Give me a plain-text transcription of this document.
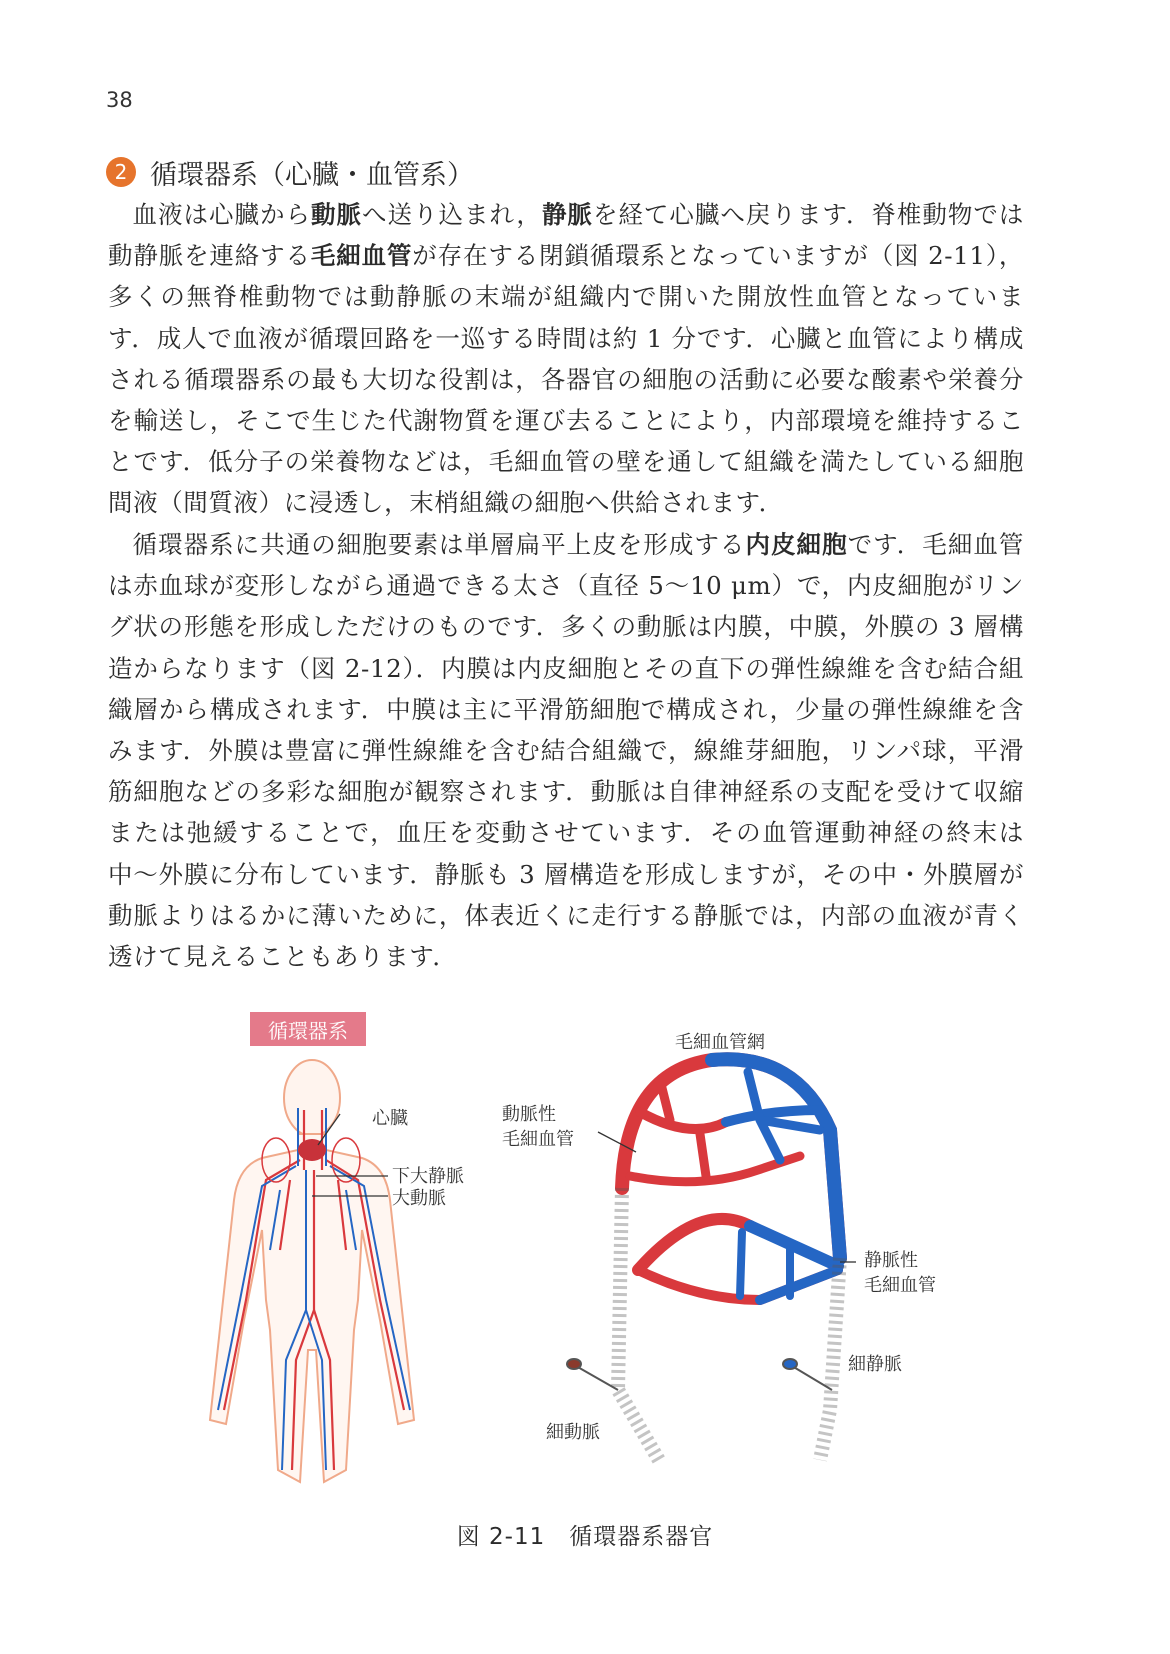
38
2 循環器系（心臓・血管系）

血液は心臓から動脈へ送り込まれ，静脈を経て心臓へ戻ります．脊椎動物では動静脈を連絡する毛細血管が存在する閉鎖循環系となっていますが（図 2-11），多くの無脊椎動物では動静脈の末端が組織内で開いた開放性血管となっています．成人で血液が循環回路を一巡する時間は約 1 分です．心臓と血管により構成される循環器系の最も大切な役割は，各器官の細胞の活動に必要な酸素や栄養分を輸送し，そこで生じた代謝物質を運び去ることにより，内部環境を維持することです．低分子の栄養物などは，毛細血管の壁を通して組織を満たしている細胞間液（間質液）に浸透し，末梢組織の細胞へ供給されます．

循環器系に共通の細胞要素は単層扁平上皮を形成する内皮細胞です．毛細血管は赤血球が変形しながら通過できる太さ（直径 5〜10 μm）で，内皮細胞がリング状の形態を形成しただけのものです．多くの動脈は内膜，中膜，外膜の 3 層構造からなります（図 2-12）．内膜は内皮細胞とその直下の弾性線維を含む結合組織層から構成されます．中膜は主に平滑筋細胞で構成され，少量の弾性線維を含みます．外膜は豊富に弾性線維を含む結合組織で，線維芽細胞，リンパ球，平滑筋細胞などの多彩な細胞が観察されます．動脈は自律神経系の支配を受けて収縮または弛緩することで，血圧を変動させています．その血管運動神経の終末は中〜外膜に分布しています．静脈も 3 層構造を形成しますが，その中・外膜層が動脈よりはるかに薄いために，体表近くに走行する静脈では，内部の血液が青く透けて見えることもあります．

循環器系
心臓
下大静脈
大動脈
毛細血管網
動脈性
毛細血管
静脈性
毛細血管
細静脈
細動脈
図 2-11　循環器系器官
